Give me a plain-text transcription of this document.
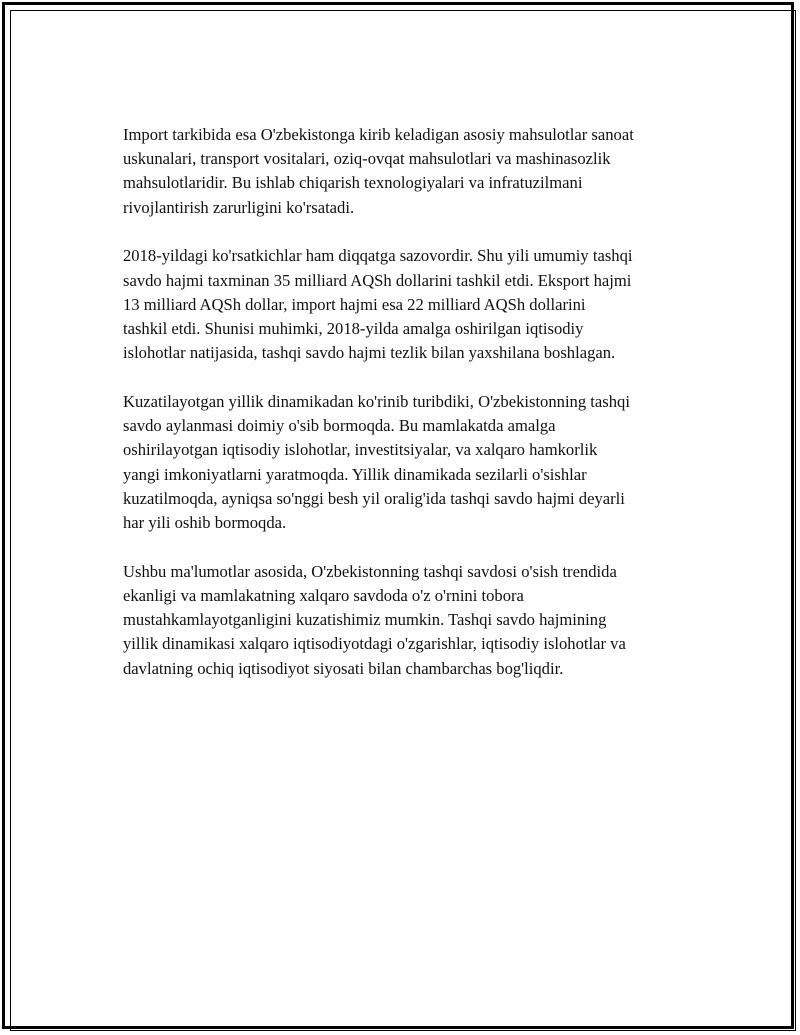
Import tarkibida esa O'zbekistonga kirib keladigan asosiy mahsulotlar sanoat
uskunalari, transport vositalari, oziq-ovqat mahsulotlari va mashinasozlik
mahsulotlaridir. Bu ishlab chiqarish texnologiyalari va infratuzilmani
rivojlantirish zarurligini ko'rsatadi.

2018-yildagi ko'rsatkichlar ham diqqatga sazovordir. Shu yili umumiy tashqi
savdo hajmi taxminan 35 milliard AQSh dollarini tashkil etdi. Eksport hajmi
13 milliard AQSh dollar, import hajmi esa 22 milliard AQSh dollarini
tashkil etdi. Shunisi muhimki, 2018-yilda amalga oshirilgan iqtisodiy
islohotlar natijasida, tashqi savdo hajmi tezlik bilan yaxshilana boshlagan.

Kuzatilayotgan yillik dinamikadan ko'rinib turibdiki, O'zbekistonning tashqi
savdo aylanmasi doimiy o'sib bormoqda. Bu mamlakatda amalga
oshirilayotgan iqtisodiy islohotlar, investitsiyalar, va xalqaro hamkorlik
yangi imkoniyatlarni yaratmoqda. Yillik dinamikada sezilarli o'sishlar
kuzatilmoqda, ayniqsa so'nggi besh yil oralig'ida tashqi savdo hajmi deyarli
har yili oshib bormoqda.

Ushbu ma'lumotlar asosida, O'zbekistonning tashqi savdosi o'sish trendida
ekanligi va mamlakatning xalqaro savdoda o'z o'rnini tobora
mustahkamlayotganligini kuzatishimiz mumkin. Tashqi savdo hajmining
yillik dinamikasi xalqaro iqtisodiyotdagi o'zgarishlar, iqtisodiy islohotlar va
davlatning ochiq iqtisodiyot siyosati bilan chambarchas bog'liqdir.
